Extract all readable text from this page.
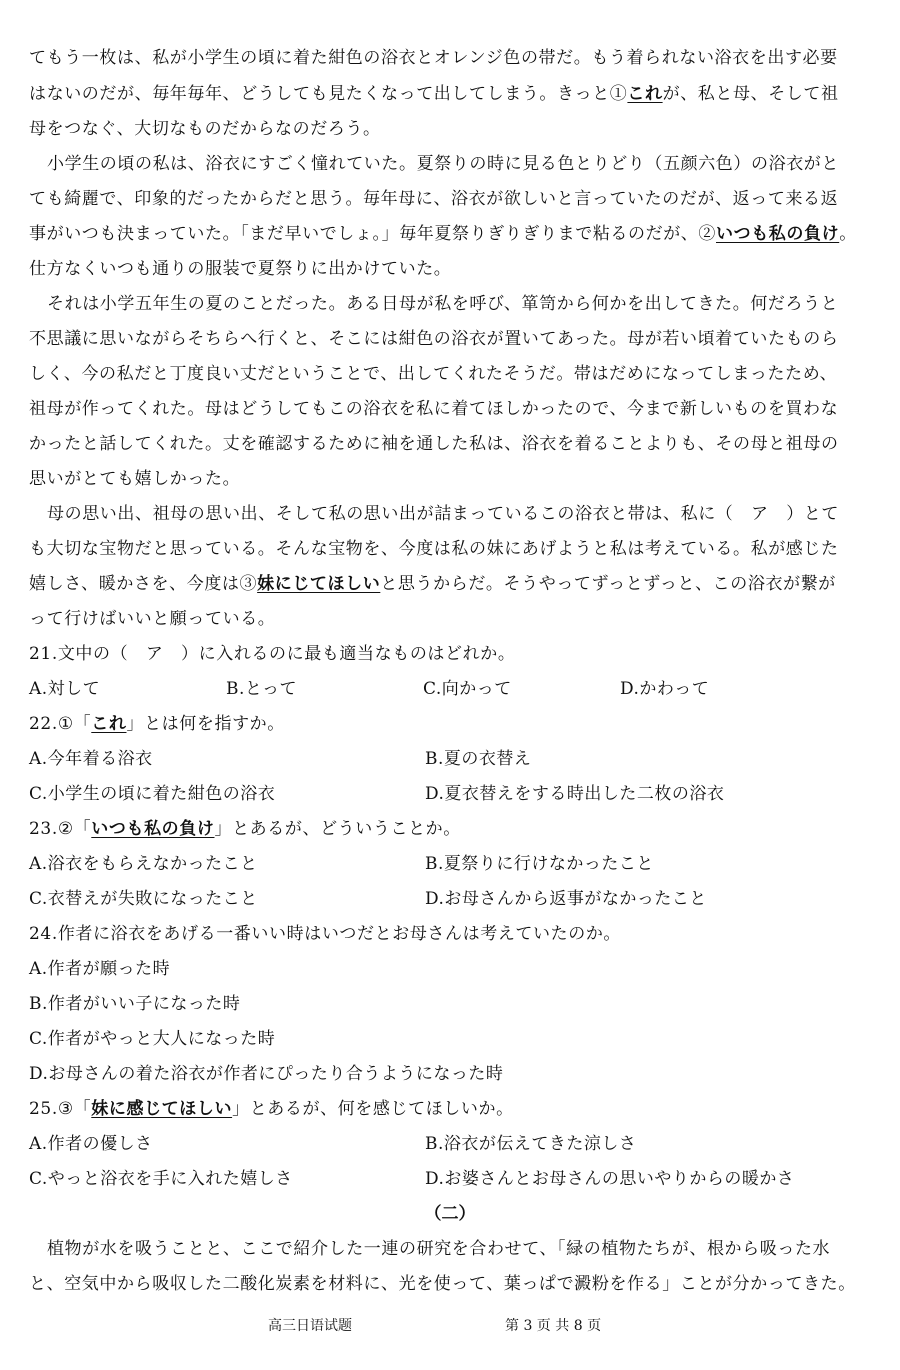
てもう一枚は、私が小学生の頃に着た紺色の浴衣とオレンジ色の帯だ。もう着られない浴衣を出す必要
はないのだが、毎年毎年、どうしても見たくなって出してしまう。きっと①これが、私と母、そして祖
母をつなぐ、大切なものだからなのだろう。
小学生の頃の私は、浴衣にすごく憧れていた。夏祭りの時に見る色とりどり（五颜六色）の浴衣がと
ても綺麗で、印象的だったからだと思う。毎年母に、浴衣が欲しいと言っていたのだが、返って来る返
事がいつも決まっていた。「まだ早いでしょ。」毎年夏祭りぎりぎりまで粘るのだが、②いつも私の負け。
仕方なくいつも通りの服装で夏祭りに出かけていた。
それは小学五年生の夏のことだった。ある日母が私を呼び、箪笥から何かを出してきた。何だろうと
不思議に思いながらそちらへ行くと、そこには紺色の浴衣が置いてあった。母が若い頃着ていたものら
しく、今の私だと丁度良い丈だということで、出してくれたそうだ。帯はだめになってしまったため、
祖母が作ってくれた。母はどうしてもこの浴衣を私に着てほしかったので、今まで新しいものを買わな
かったと話してくれた。丈を確認するために袖を通した私は、浴衣を着ることよりも、その母と祖母の
思いがとても嬉しかった。
母の思い出、祖母の思い出、そして私の思い出が詰まっているこの浴衣と帯は、私に（　ア　）とて
も大切な宝物だと思っている。そんな宝物を、今度は私の妹にあげようと私は考えている。私が感じた
嬉しさ、暖かさを、今度は③妹にじてほしいと思うからだ。そうやってずっとずっと、この浴衣が繋が
って行けばいいと願っている。
21.文中の（　ア　）に入れるのに最も適当なものはどれか。
A.対して	B.とって	C.向かって	D.かわって
22.①「これ」とは何を指すか。
A.今年着る浴衣	B.夏の衣替え
C.小学生の頃に着た紺色の浴衣	D.夏衣替えをする時出した二枚の浴衣
23.②「いつも私の負け」とあるが、どういうことか。
A.浴衣をもらえなかったこと	B.夏祭りに行けなかったこと
C.衣替えが失敗になったこと	D.お母さんから返事がなかったこと
24.作者に浴衣をあげる一番いい時はいつだとお母さんは考えていたのか。
A.作者が願った時
B.作者がいい子になった時
C.作者がやっと大人になった時
D.お母さんの着た浴衣が作者にぴったり合うようになった時
25.③「妹に感じてほしい」とあるが、何を感じてほしいか。
A.作者の優しさ	B.浴衣が伝えてきた涼しさ
C.やっと浴衣を手に入れた嬉しさ	D.お婆さんとお母さんの思いやりからの暖かさ
（二）
植物が水を吸うことと、ここで紹介した一連の研究を合わせて、「緑の植物たちが、根から吸った水
と、空気中から吸収した二酸化炭素を材料に、光を使って、葉っぱで澱粉を作る」ことが分かってきた。
高三日语试题	第 3 页 共 8 页
